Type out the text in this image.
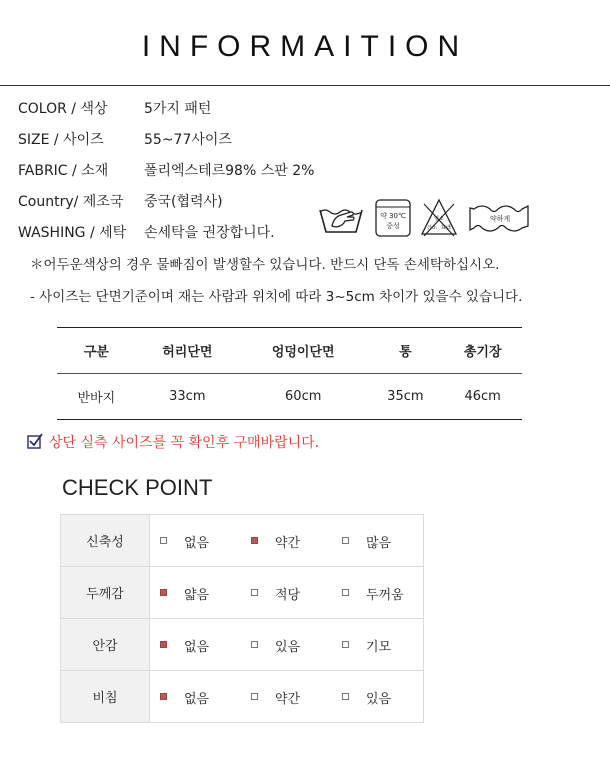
INFORMAITION
COLOR / 색상	5가지 패턴
SIZE / 사이즈	55~77사이즈
FABRIC / 소재	폴리엑스테르98% 스판 2%
Country/ 제조국 중국(협력사)
WASHING / 세탁 손세탁을 권장합니다.
약 30℃
중성
염소
산소 표백
약하게
＊어두운색상의 경우 물빠짐이 발생할수 있습니다. 반드시 단독 손세탁하십시오.
- 사이즈는 단면기준이며 재는 사람과 위치에 따라 3~5cm 차이가 있을수 있습니다.
구분	허리단면	엉덩이단면	통	총기장
반바지	33cm	60cm	35cm	46cm
상단 실측 사이즈를 꼭 확인후 구매바랍니다.
CHECK POINT
신축성	없음 약간 많음

두께감	얇음 적당 두꺼움

안감	없음 있음 기모

비침	없음 약간 있음
